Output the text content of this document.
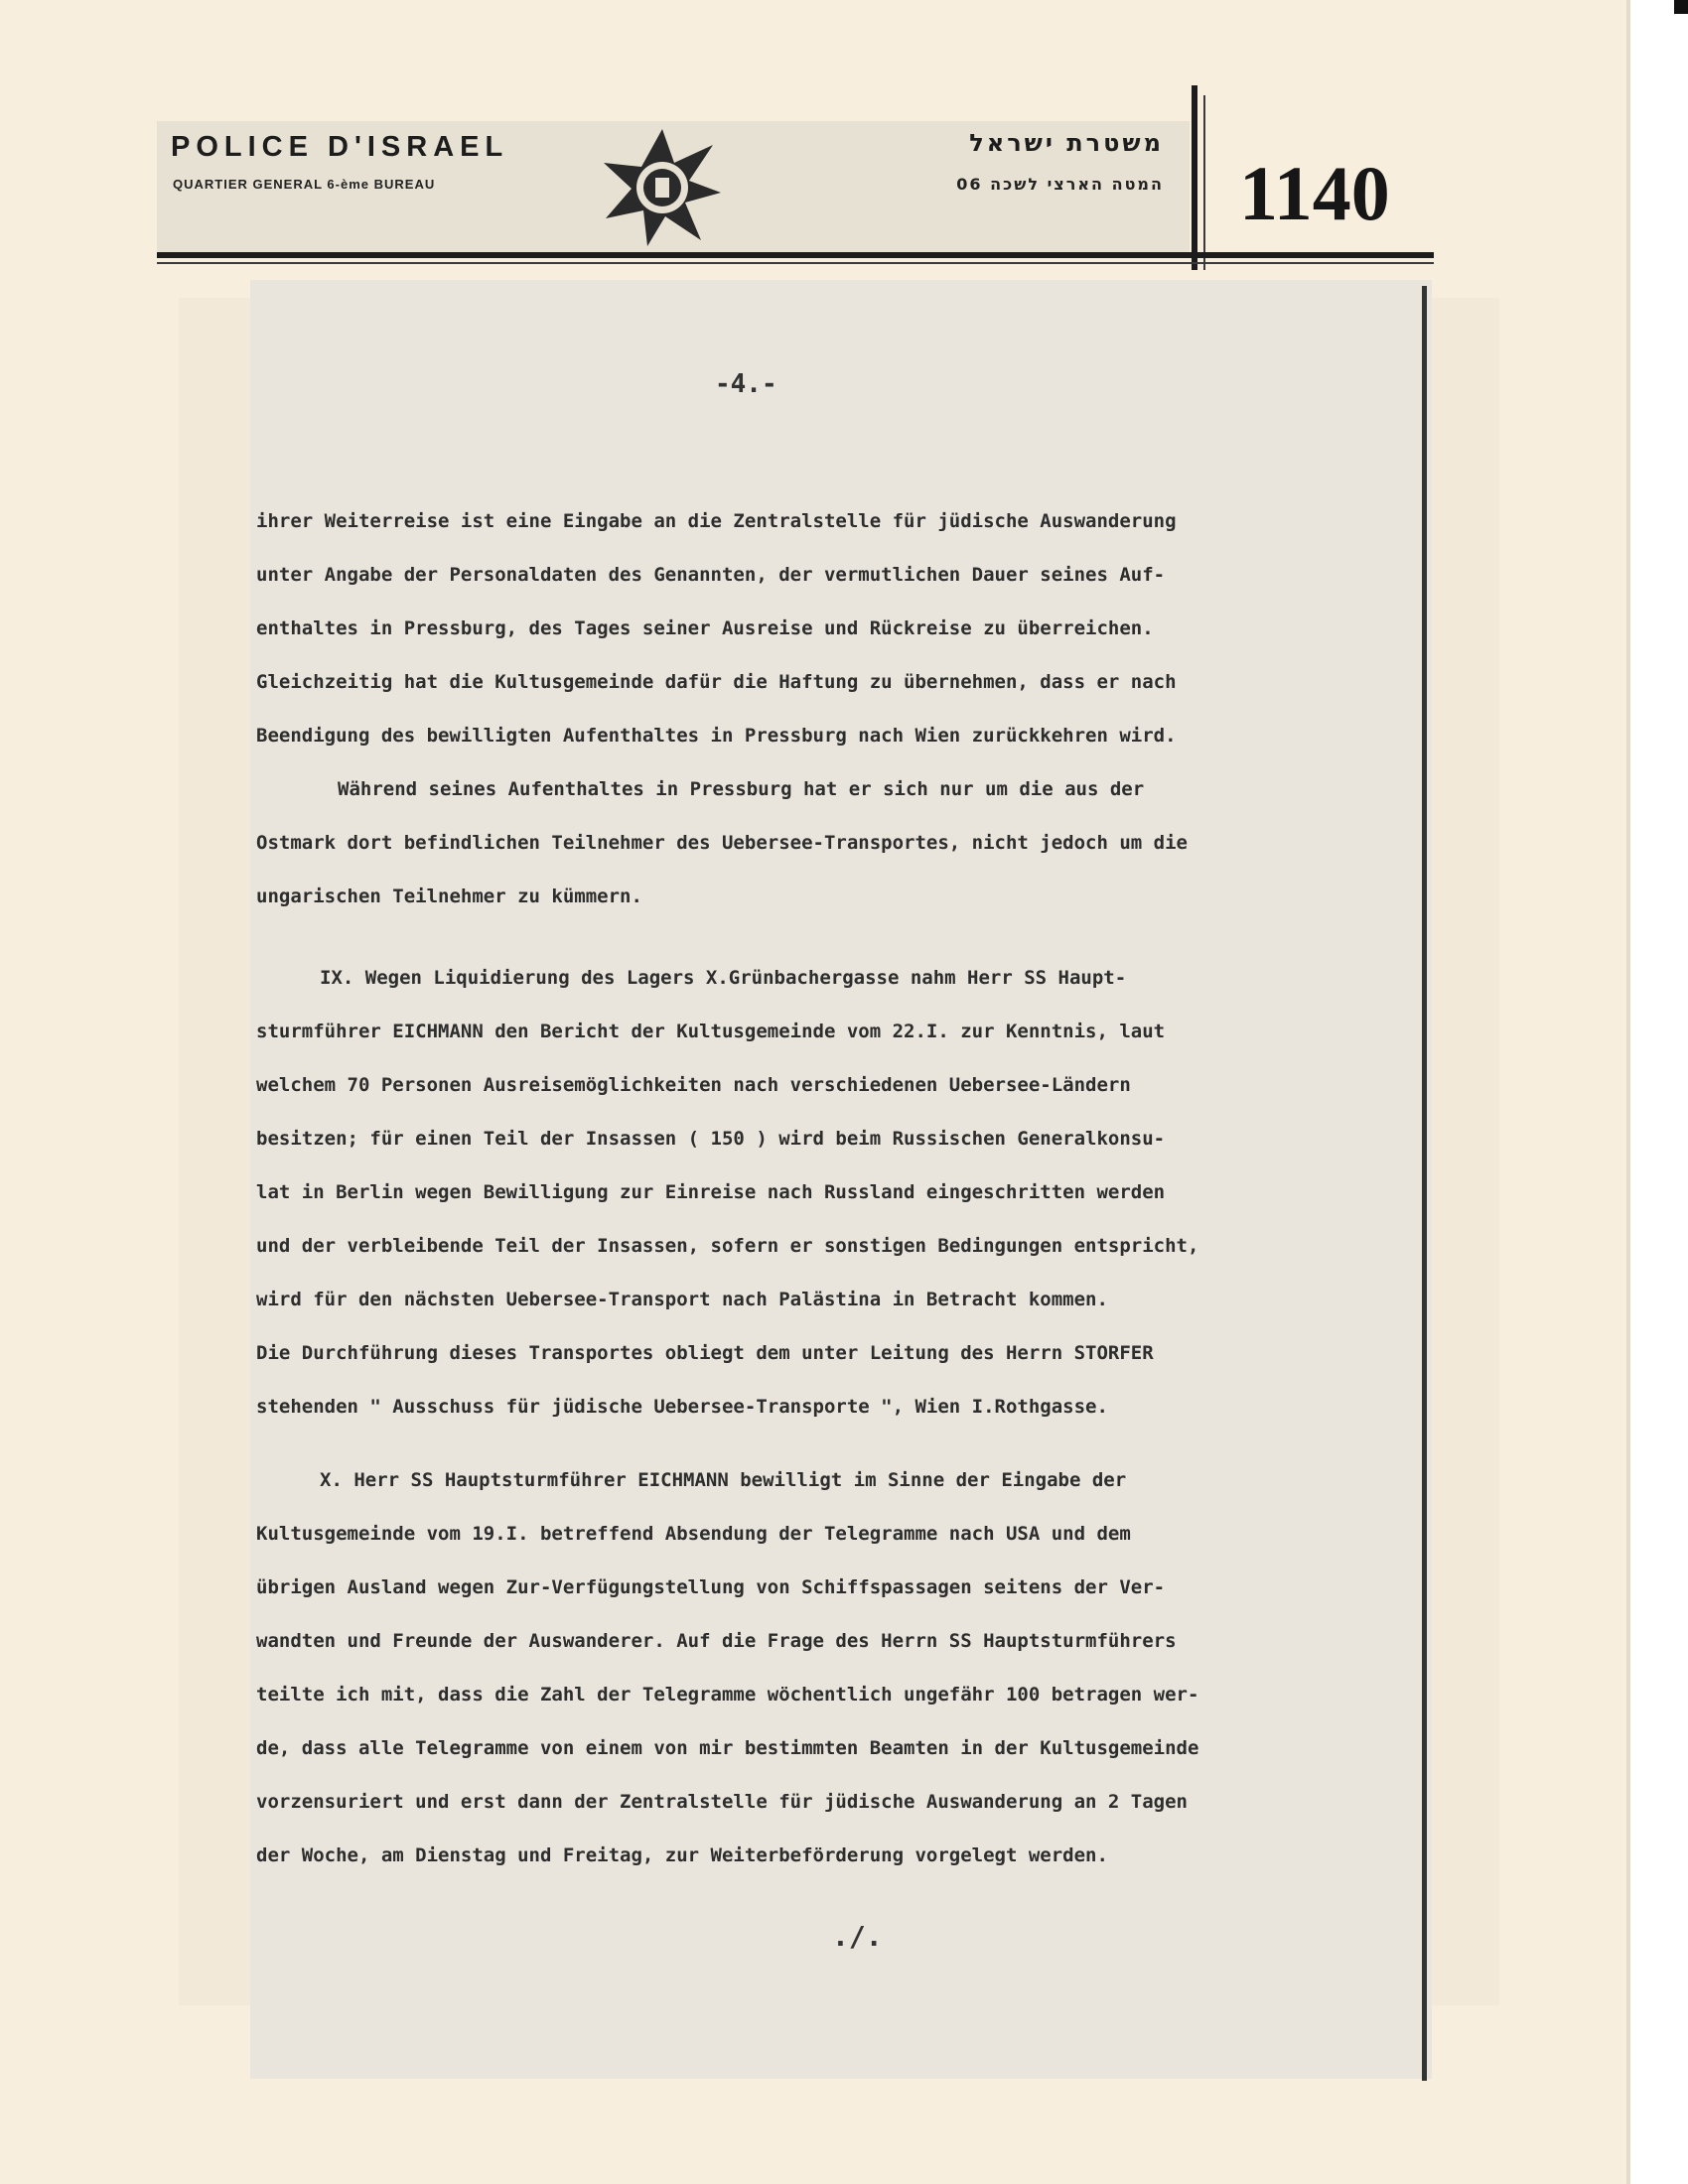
POLICE D'ISRAEL
QUARTIER GENERAL 6-ème BUREAU
משטרת ישראל
המטה הארצי לשכה 06 1140
-4.-
ihrer Weiterreise ist eine Eingabe an die Zentralstelle für jüdische Auswanderung
unter Angabe der Personaldaten des Genannten, der vermutlichen Dauer seines Auf-
enthaltes in Pressburg, des Tages seiner Ausreise und Rückreise zu überreichen.
Gleichzeitig hat die Kultusgemeinde dafür die Haftung zu übernehmen, dass er nach
Beendigung des bewilligten Aufenthaltes in Pressburg nach Wien zurückkehren wird.
Während seines Aufenthaltes in Pressburg hat er sich nur um die aus der
Ostmark dort befindlichen Teilnehmer des Uebersee-Transportes, nicht jedoch um die
ungarischen Teilnehmer zu kümmern.
IX. Wegen Liquidierung des Lagers X.Grünbachergasse nahm Herr SS Haupt-
sturmführer EICHMANN den Bericht der Kultusgemeinde vom 22.I. zur Kenntnis, laut
welchem 70 Personen Ausreisemöglichkeiten nach verschiedenen Uebersee-Ländern
besitzen; für einen Teil der Insassen ( 150 ) wird beim Russischen Generalkonsu-
lat in Berlin wegen Bewilligung zur Einreise nach Russland eingeschritten werden
und der verbleibende Teil der Insassen, sofern er sonstigen Bedingungen entspricht,
wird für den nächsten Uebersee-Transport nach Palästina in Betracht kommen.
Die Durchführung dieses Transportes obliegt dem unter Leitung des Herrn STORFER
stehenden " Ausschuss für jüdische Uebersee-Transporte ", Wien I.Rothgasse.
X. Herr SS Hauptsturmführer EICHMANN bewilligt im Sinne der Eingabe der
Kultusgemeinde vom 19.I. betreffend Absendung der Telegramme nach USA und dem
übrigen Ausland wegen Zur-Verfügungstellung von Schiffspassagen seitens der Ver-
wandten und Freunde der Auswanderer. Auf die Frage des Herrn SS Hauptsturmführers
teilte ich mit, dass die Zahl der Telegramme wöchentlich ungefähr 100 betragen wer-
de, dass alle Telegramme von einem von mir bestimmten Beamten in der Kultusgemeinde
vorzensuriert und erst dann der Zentralstelle für jüdische Auswanderung an 2 Tagen
der Woche, am Dienstag und Freitag, zur Weiterbeförderung vorgelegt werden.
./.
